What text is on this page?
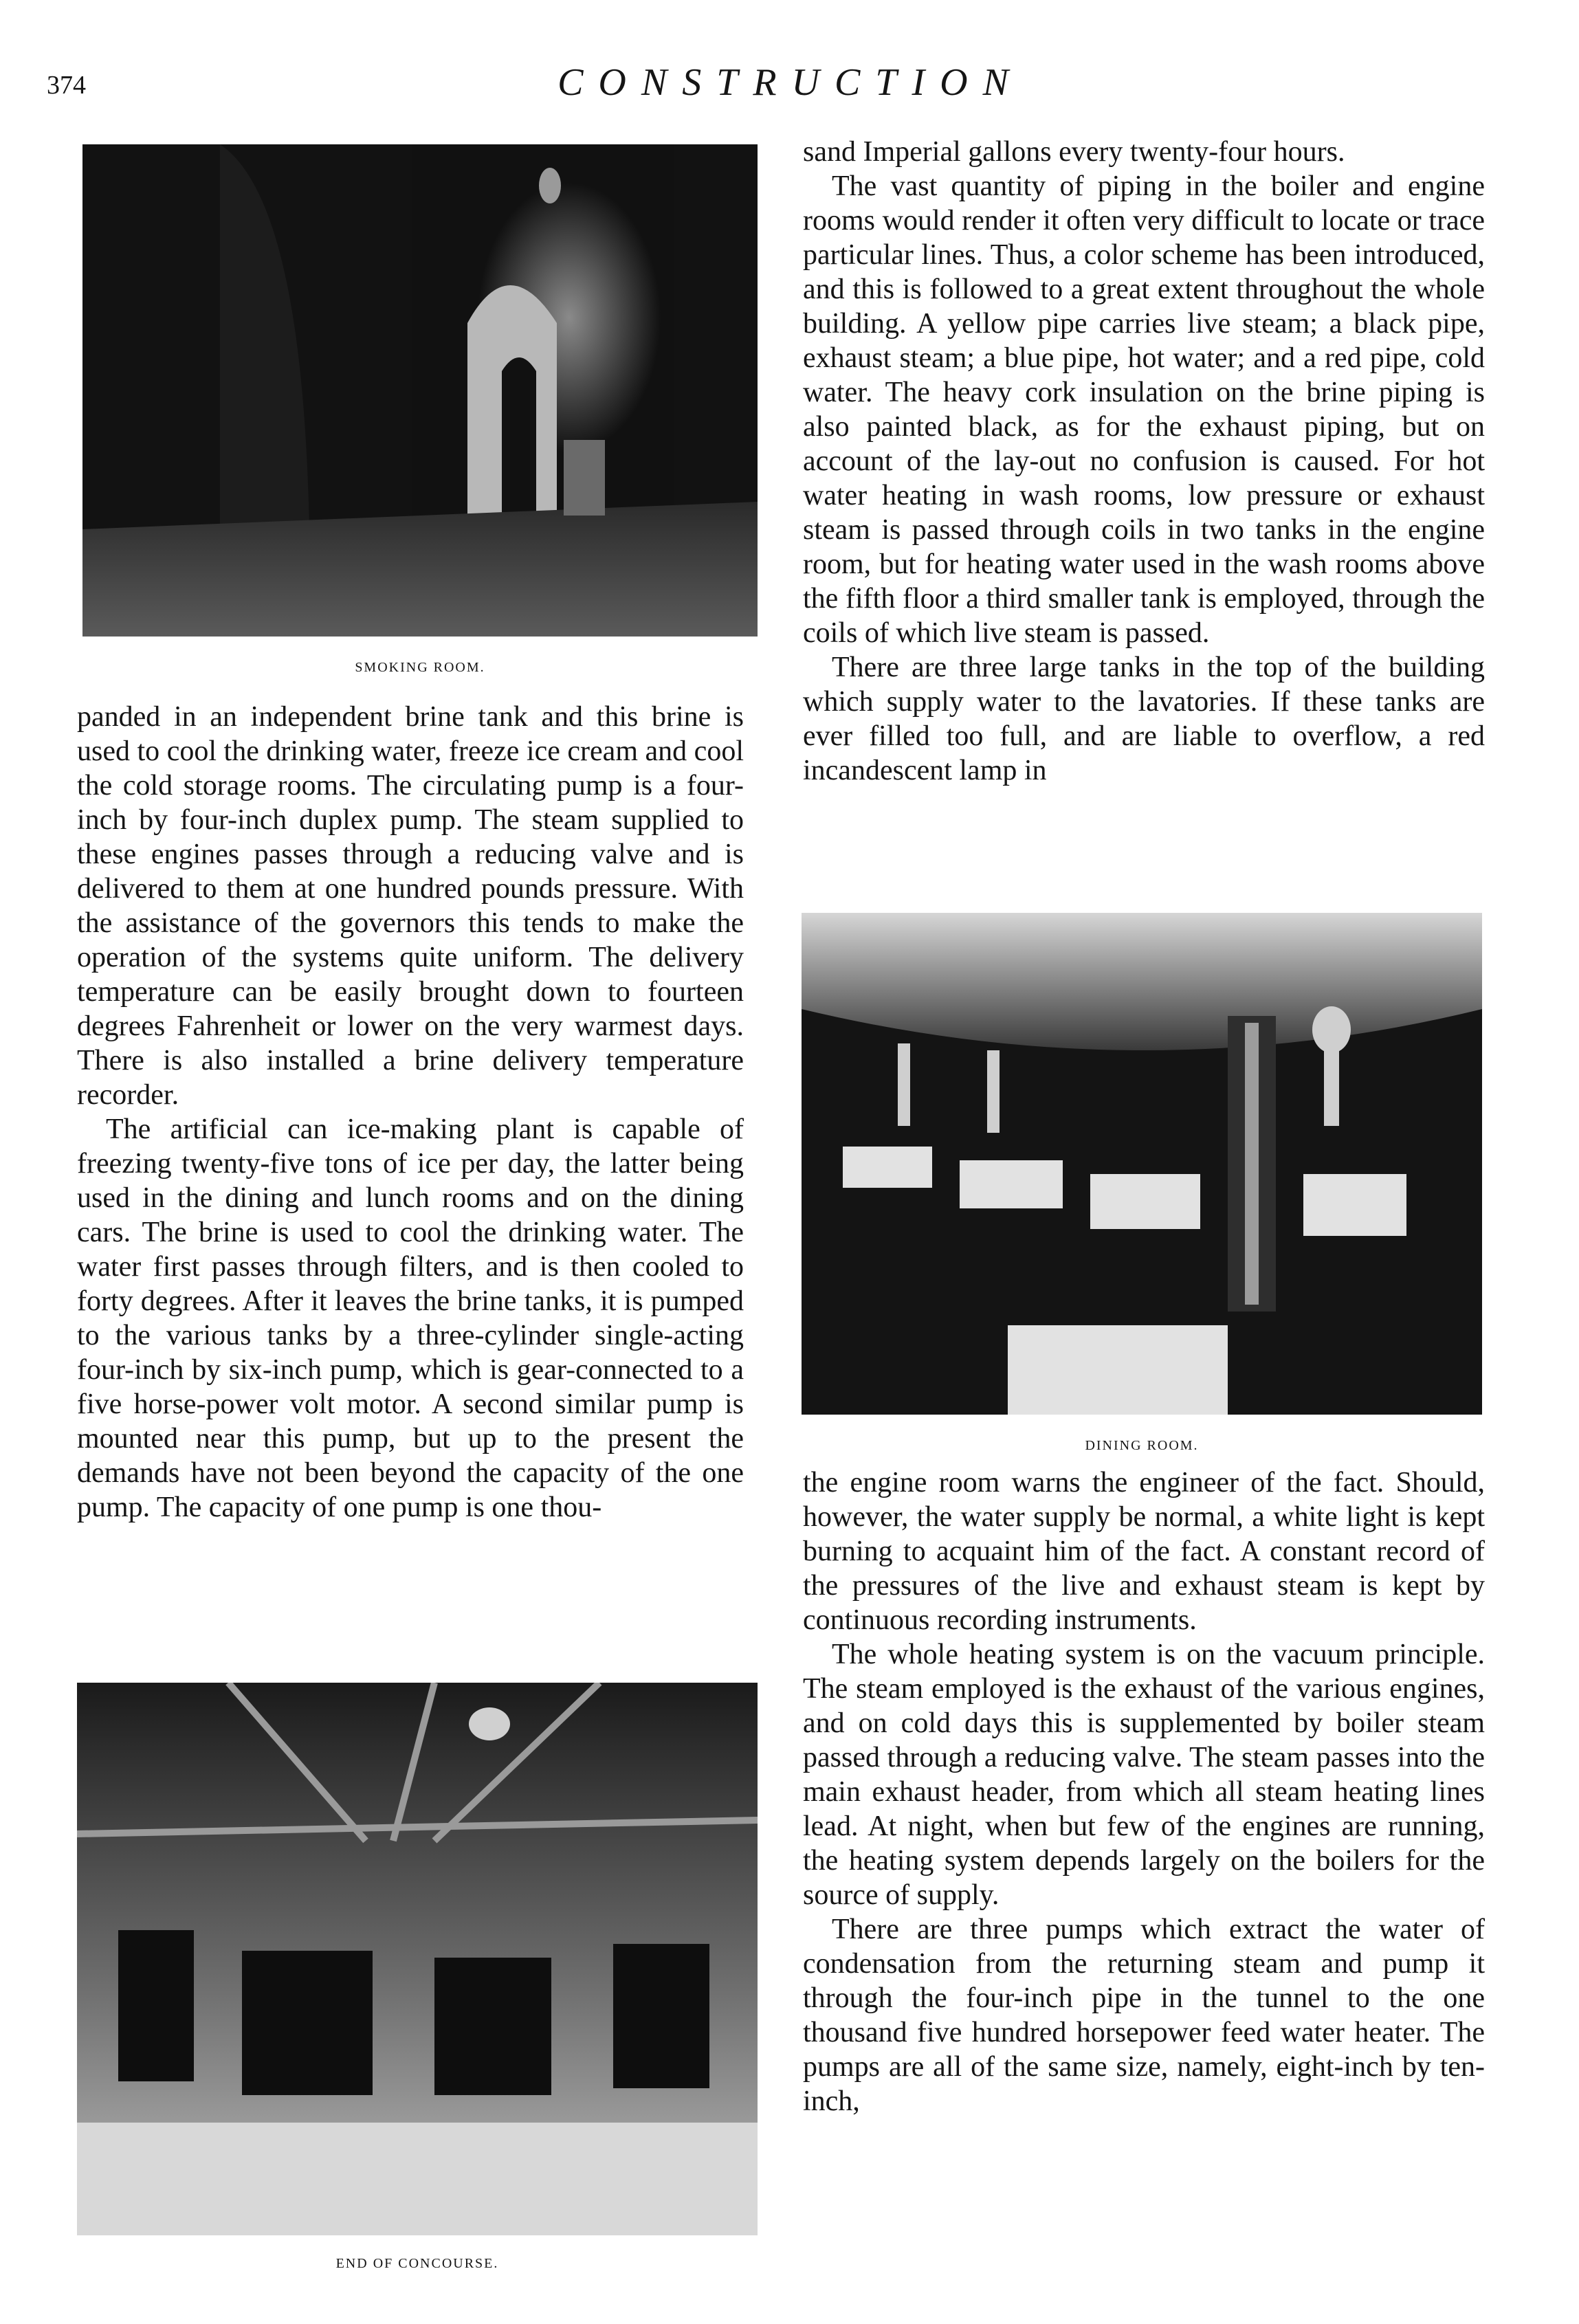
374	CONSTRUCTION
SMOKING ROOM.
DINING ROOM.
END OF CONCOURSE.

panded in an independent brine tank and this brine is used to cool the drinking water, freeze ice cream and cool the cold storage rooms. The circulating pump is a four-inch by four-inch duplex pump. The steam supplied to these engines passes through a reducing valve and is delivered to them at one hundred pounds pressure. With the assistance of the governors this tends to make the operation of the systems quite uniform. The delivery temperature can be easily brought down to fourteen degrees Fahrenheit or lower on the very warmest days. There is also installed a brine delivery temperature recorder.

The artificial can ice-making plant is capable of freezing twenty-five tons of ice per day, the latter being used in the dining and lunch rooms and on the dining cars. The brine is used to cool the drinking water. The water first passes through filters, and is then cooled to forty degrees. After it leaves the brine tanks, it is pumped to the various tanks by a three-cylinder single-acting four-inch by six-inch pump, which is gear-connected to a five horse-power volt motor. A second similar pump is mounted near this pump, but up to the present the demands have not been beyond the capacity of the one pump. The capacity of one pump is one thou-

sand Imperial gallons every twenty-four hours.

The vast quantity of piping in the boiler and engine rooms would render it often very difficult to locate or trace particular lines. Thus, a color scheme has been introduced, and this is followed to a great extent throughout the whole building. A yellow pipe carries live steam; a black pipe, exhaust steam; a blue pipe, hot water; and a red pipe, cold water. The heavy cork insulation on the brine piping is also painted black, as for the exhaust piping, but on account of the lay-out no confusion is caused. For hot water heating in wash rooms, low pressure or exhaust steam is passed through coils in two tanks in the engine room, but for heating water used in the wash rooms above the fifth floor a third smaller tank is employed, through the coils of which live steam is passed.

There are three large tanks in the top of the building which supply water to the lavatories. If these tanks are ever filled too full, and are liable to overflow, a red incandescent lamp in

the engine room warns the engineer of the fact. Should, however, the water supply be normal, a white light is kept burning to acquaint him of the fact. A constant record of the pressures of the live and exhaust steam is kept by continuous recording instruments.

The whole heating system is on the vacuum principle. The steam employed is the exhaust of the various engines, and on cold days this is supplemented by boiler steam passed through a reducing valve. The steam passes into the main exhaust header, from which all steam heating lines lead. At night, when but few of the engines are running, the heating system depends largely on the boilers for the source of supply.

There are three pumps which extract the water of condensation from the returning steam and pump it through the four-inch pipe in the tunnel to the one thousand five hundred horsepower feed water heater. The pumps are all of the same size, namely, eight-inch by ten-inch,
